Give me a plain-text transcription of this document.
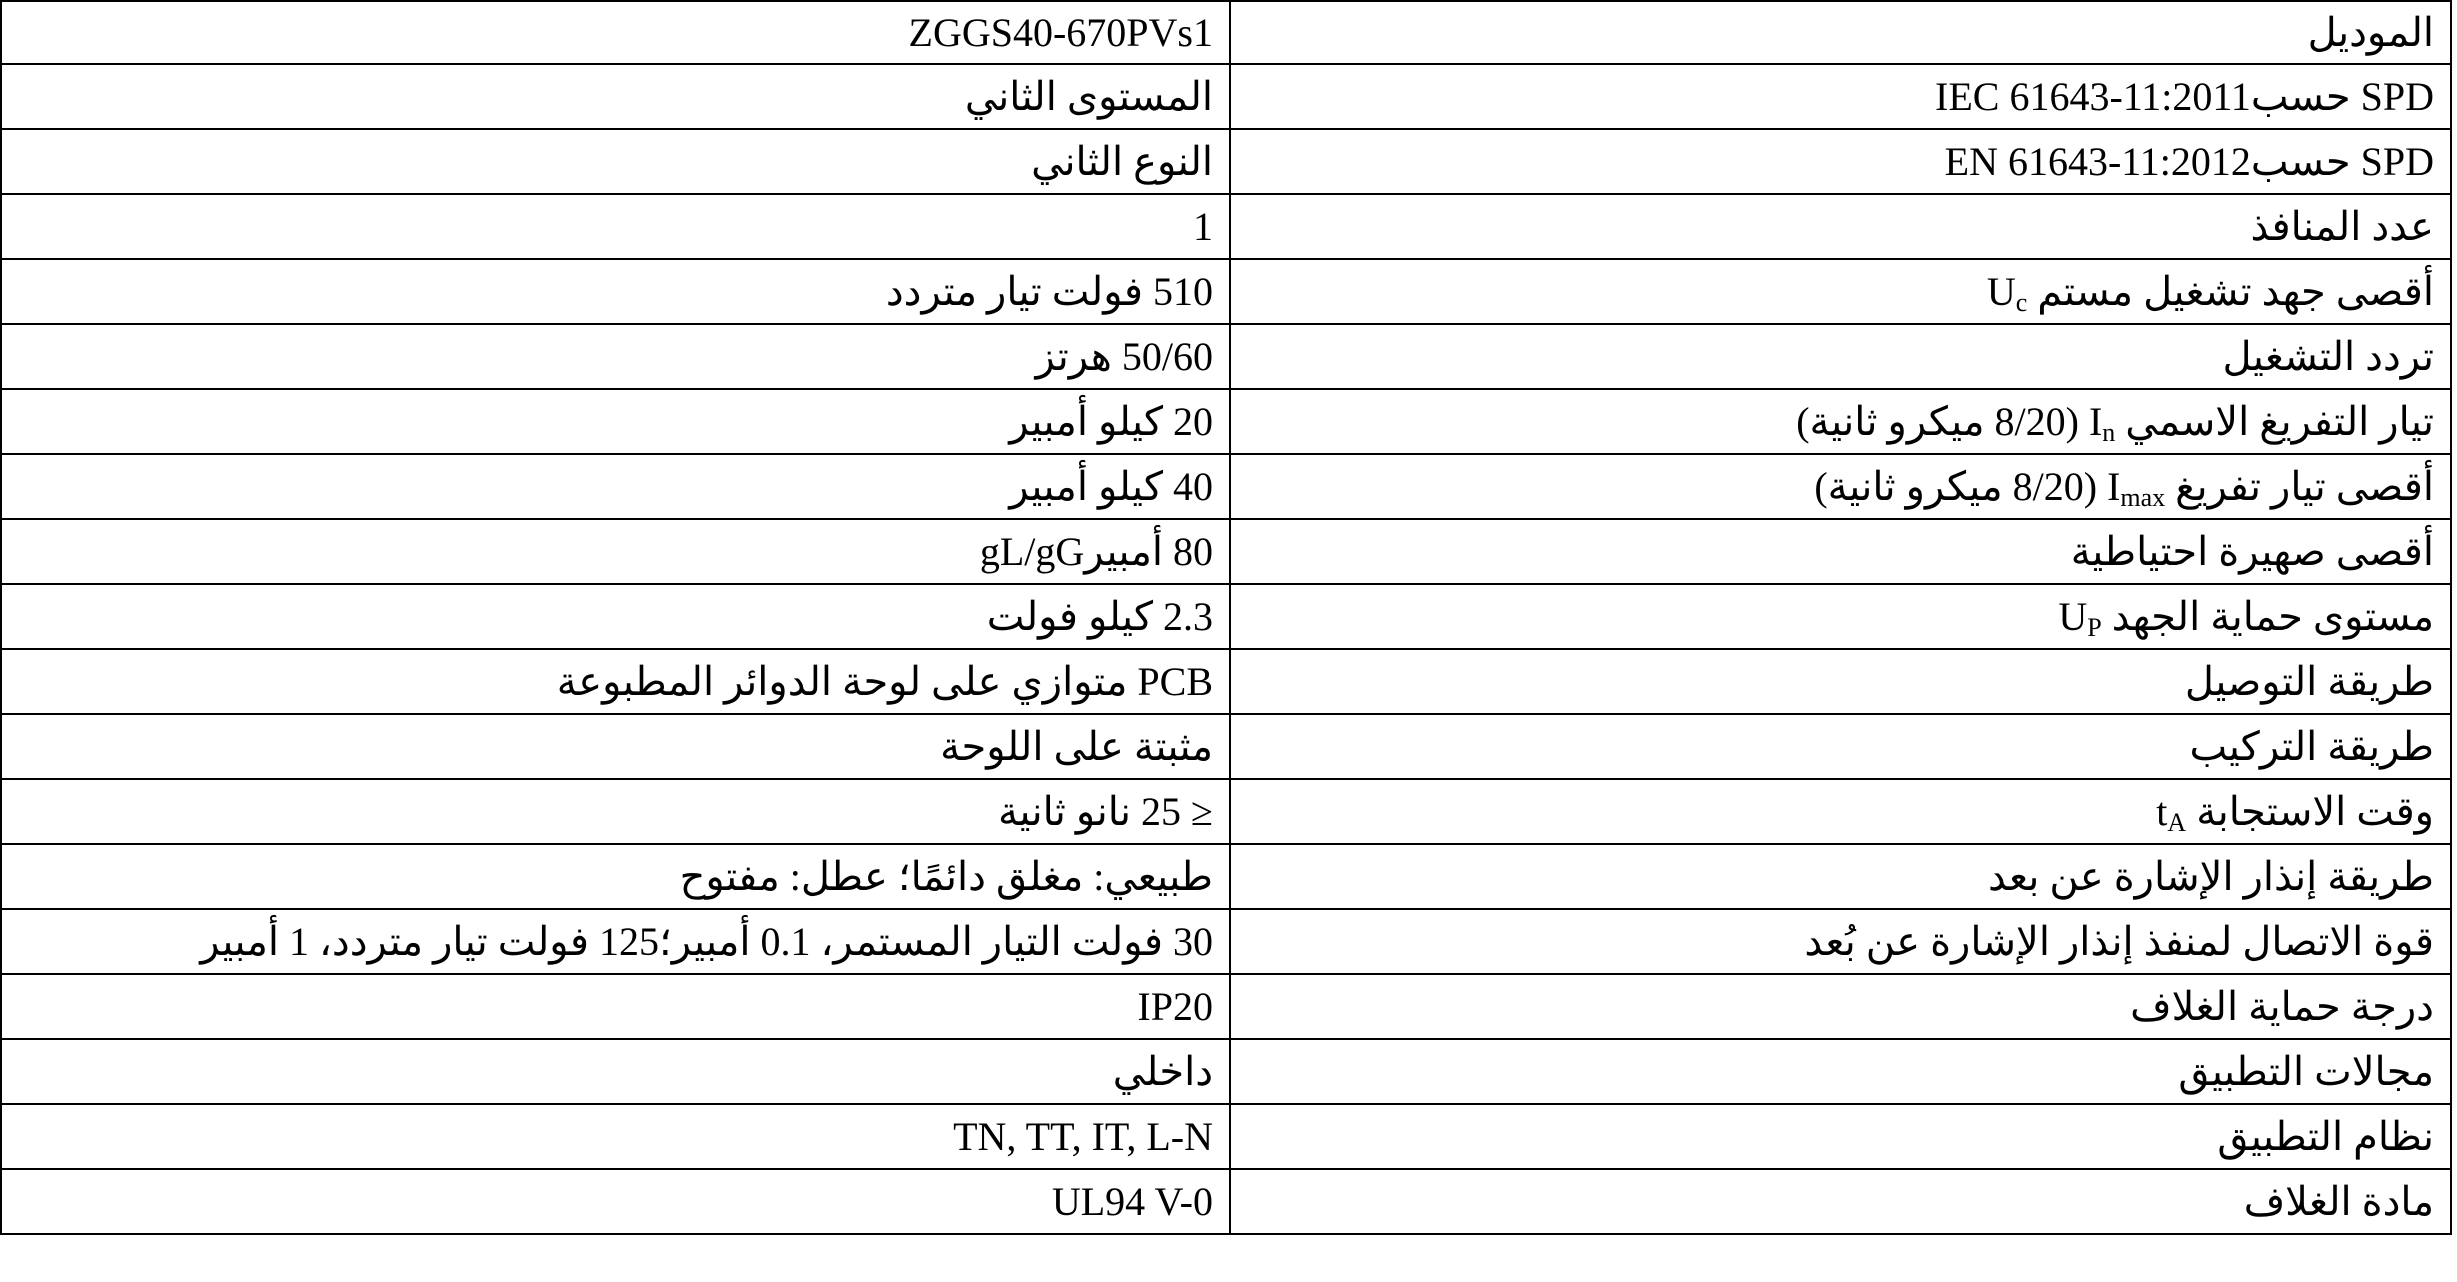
الموديل	ZGGS40-670PVs1
SPD حسبIEC 61643-11:2011	المستوى الثاني
SPD حسبEN 61643-11:2012	النوع الثاني
عدد المنافذ	1
أقصى جهد تشغيل مستم $U_c$	510 فولت تيار متردد
تردد التشغيل	50/60 هرتز
تيار التفريغ الاسمي $I_n$ (8/20 ميكرو ثانية)	20 كيلو أمبير
أقصى تيار تفريغ $I_{max}$ (8/20 ميكرو ثانية)	40 كيلو أمبير
أقصى صهيرة احتياطية	80 أمبيرgL/gG
مستوى حماية الجهد $U_P$	2.3 كيلو فولت
طريقة التوصيل	PCB متوازي على لوحة الدوائر المطبوعة
طريقة التركيب	مثبتة على اللوحة
وقت الاستجابة $t_A$	≤ 25 نانو ثانية
طريقة إنذار الإشارة عن بعد	طبيعي: مغلق دائمًا؛ عطل: مفتوح
قوة الاتصال لمنفذ إنذار الإشارة عن بُعد	30 فولت التيار المستمر، 0.1 أمبير؛125 فولت تيار متردد، 1 أمبير
درجة حماية الغلاف	IP20
مجالات التطبيق	داخلي
نظام التطبيق	TN, TT, IT, L-N
مادة الغلاف	UL94 V-0
